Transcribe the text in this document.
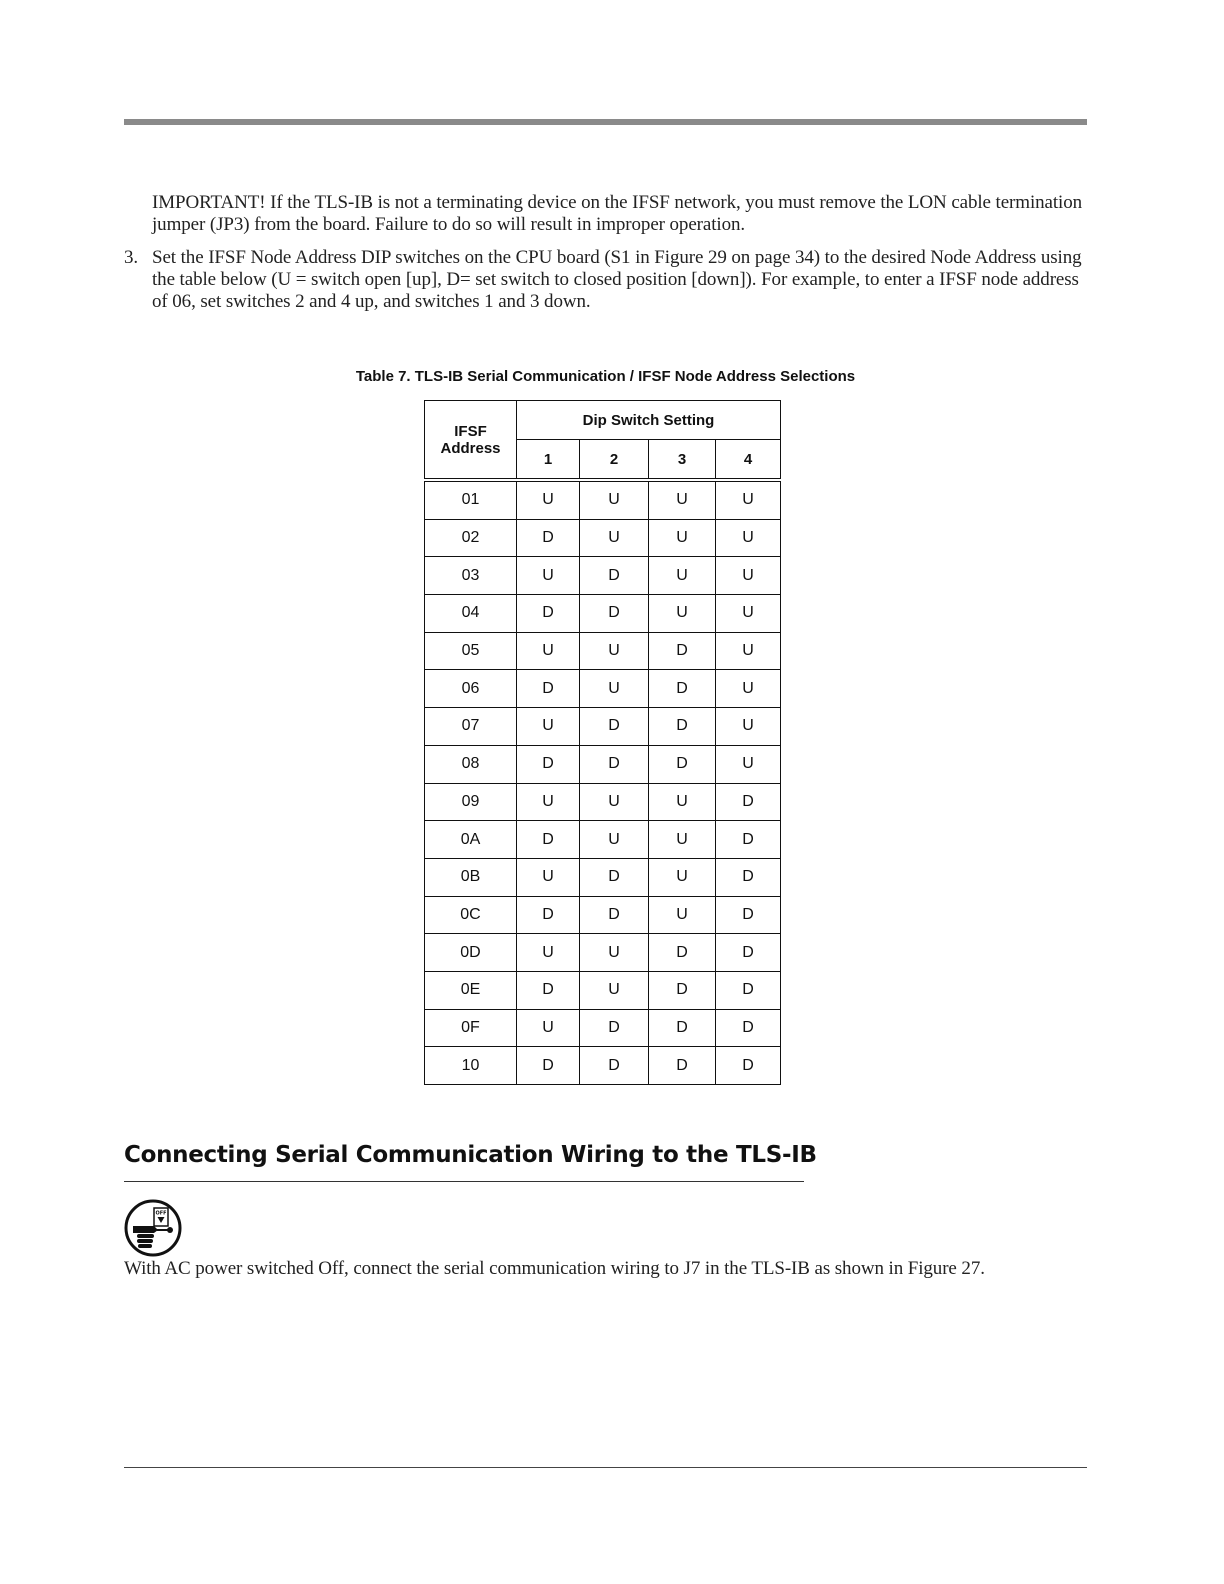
IMPORTANT! If the TLS-IB is not a terminating device on the IFSF network, you must remove the LON cable termination jumper (JP3) from the board. Failure to do so will result in improper operation.

3. Set the IFSF Node Address DIP switches on the CPU board (S1 in Figure 29 on page 34) to the desired Node Address using the table below (U = switch open [up], D= set switch to closed position [down]). For example, to enter a IFSF node address of 06, set switches 2 and 4 up, and switches 1 and 3 down.
Table 7. TLS-IB Serial Communication / IFSF Node Address Selections
IFSF
Address	Dip Switch Setting			
	1	2	3	4
01	U	U	U	U
02	D	U	U	U
03	U	D	U	U
04	D	D	U	U
05	U	U	D	U
06	D	U	D	U
07	U	D	D	U
08	D	D	D	U
09	U	U	U	D
0A	D	U	U	D
0B	U	D	U	D
0C	D	D	U	D
0D	U	U	D	D
0E	D	U	D	D
0F	U	D	D	D
10	D	D	D	D
Connecting Serial Communication Wiring to the TLS-IB
OFF

With AC power switched Off, connect the serial communication wiring to J7 in the TLS-IB as shown in Figure 27.
